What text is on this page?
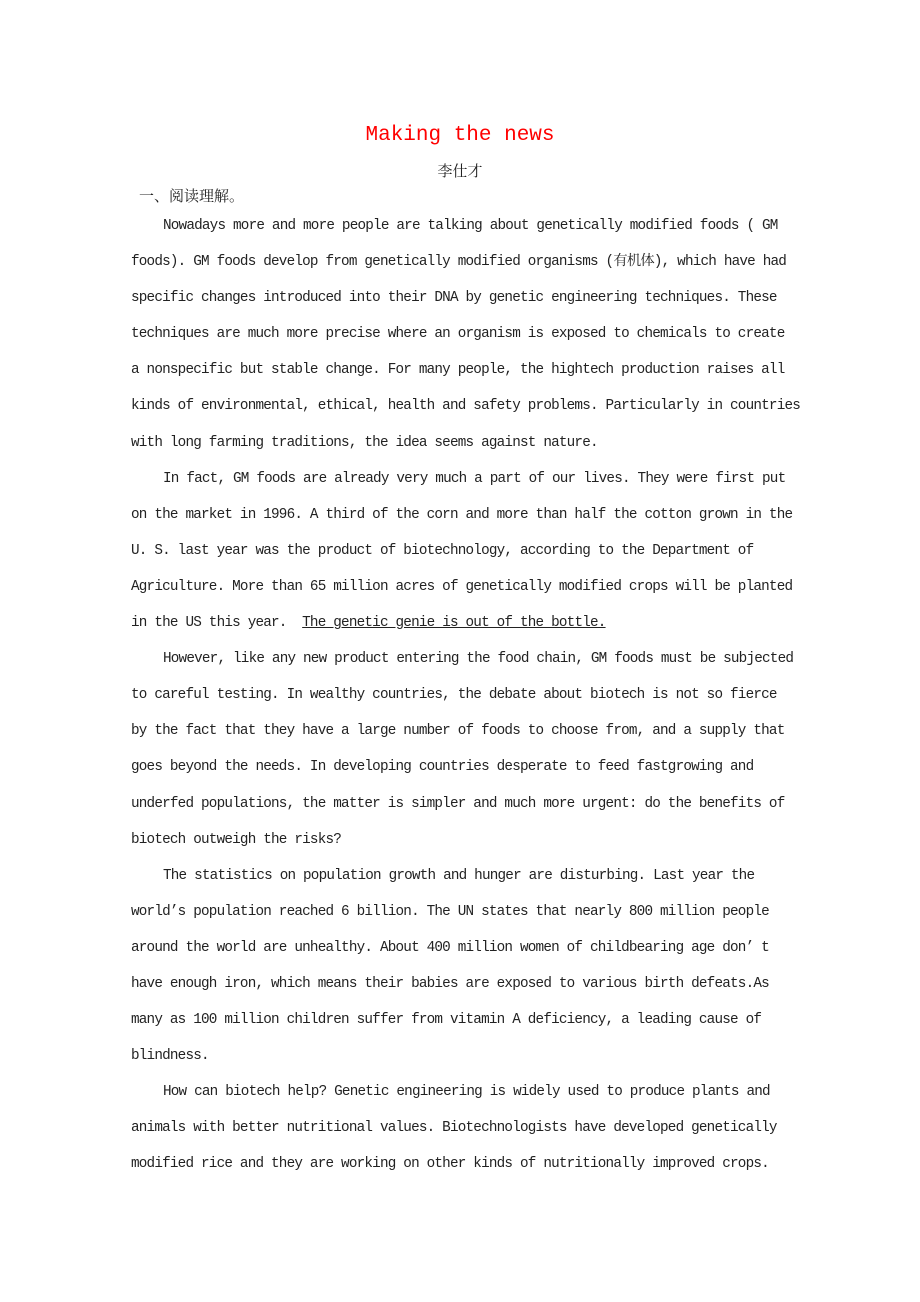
Making the news
李仕才
一、阅读理解。
Nowadays more and more people are talking about genetically modified foods ( GM
foods). GM foods develop from genetically modified organisms (有机体), which have had
specific changes introduced into their DNA by genetic engineering techniques. These
techniques are much more precise where an organism is exposed to chemicals to create
a nonspecific but stable change. For many people, the hightech production raises all
kinds of environmental, ethical, health and safety problems. Particularly in countries
with long farming traditions, the idea seems against nature.
In fact, GM foods are already very much a part of our lives. They were first put
on the market in 1996. A third of the corn and more than half the cotton grown in the
U. S. last year was the product of biotechnology, according to the Department of
Agriculture. More than 65 million acres of genetically modified crops will be planted
in the US this year.  The genetic genie is out of the bottle.
However, like any new product entering the food chain, GM foods must be subjected
to careful testing. In wealthy countries, the debate about biotech is not so fierce
by the fact that they have a large number of foods to choose from, and a supply that
goes beyond the needs. In developing countries desperate to feed fastgrowing and
underfed populations, the matter is simpler and much more urgent: do the benefits of
biotech outweigh the risks?
The statistics on population growth and hunger are disturbing. Last year the
world’s population reached 6 billion. The UN states that nearly 800 million people
around the world are unhealthy. About 400 million women of childbearing age don’ t
have enough iron, which means their babies are exposed to various birth defeats.As
many as 100 million children suffer from vitamin A deficiency, a leading cause of
blindness.
How can biotech help? Genetic engineering is widely used to produce plants and
animals with better nutritional values. Biotechnologists have developed genetically
modified rice and they are working on other kinds of nutritionally improved crops.
